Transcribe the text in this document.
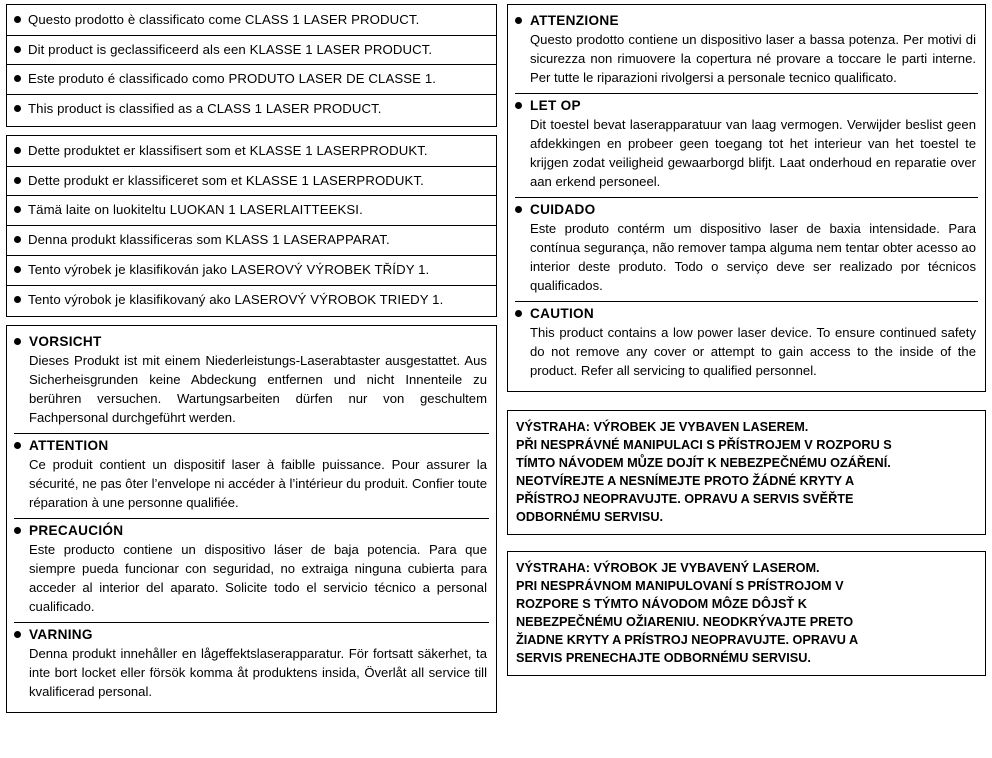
Questo prodotto è classificato come CLASS 1 LASER PRODUCT.
Dit product is geclassificeerd als een KLASSE 1 LASER PRODUCT.
Este produto é classificado como PRODUTO LASER DE CLASSE 1.
This product is classified as a CLASS 1 LASER PRODUCT.
Dette produktet er klassifisert som et KLASSE 1 LASERPRODUKT.
Dette produkt er klassificeret som et KLASSE 1 LASERPRODUKT.
Tämä laite on luokiteltu LUOKAN 1 LASERLAITTEEKSI.
Denna produkt klassificeras som KLASS 1 LASERAPPARAT.
Tento výrobek je klasifikován jako LASEROVÝ VÝROBEK TŘÍDY 1.
Tento výrobok je klasifikovaný ako LASEROVÝ VÝROBOK TRIEDY 1.
VORSICHT
Dieses Produkt ist mit einem Niederleistungs-Laserabtaster ausgestattet. Aus Sicherheisgrunden keine Abdeckung entfernen und nicht Innenteile zu berühren versuchen. Wartungsarbeiten dürfen nur von geschultem Fachpersonal durchgeführt werden.
ATTENTION
Ce produit contient un dispositif laser à faiblle puissance. Pour assurer la sécurité, ne pas ôter l’envelope ni accéder à l’intérieur du produit. Confier toute réparation à une personne qualifiée.
PRECAUCIÓN
Este producto contiene un dispositivo láser de baja potencia. Para que siempre pueda funcionar con seguridad, no extraiga ninguna cubierta para acceder al interior del aparato. Solicite todo el servicio técnico a personal cualificado.
VARNING
Denna produkt innehåller en lågeffektslaserapparatur. För fortsatt säkerhet, ta inte bort locket eller försök komma åt produktens insida, Överlåt all service till kvalificerad personal.
ATTENZIONE
Questo prodotto contiene un dispositivo laser a bassa potenza. Per motivi di sicurezza non rimuovere la copertura né provare a toccare le parti interne. Per tutte le riparazioni rivolgersi a personale tecnico qualificato.
LET OP
Dit toestel bevat laserapparatuur van laag vermogen. Verwijder beslist geen afdekkingen en probeer geen toegang tot het interieur van het toestel te krijgen zodat veiligheid gewaarborgd blifjt. Laat onderhoud en reparatie over aan erkend personeel.
CUIDADO
Este produto contérm um dispositivo laser de baxia intensidade. Para contínua segurança, não remover tampa alguma nem tentar obter acesso ao interior deste produto. Todo o serviço deve ser realizado por técnicos qualificados.
CAUTION
This product contains a low power laser device. To ensure continued safety do not remove any cover or attempt to gain access to the inside of the product. Refer all servicing to qualified personnel.
VÝSTRAHA: VÝROBEK JE VYBAVEN LASEREM.
PŘI NESPRÁVNÉ MANIPULACI S PŘÍSTROJEM V ROZPORU S
TÍMTO NÁVODEM MŮZE DOJÍT K NEBEZPEČNÉMU OZÁŘENÍ.
NEOTVÍREJTE A NESNÍMEJTE PROTO ŽÁDNÉ KRYTY A
PŘÍSTROJ NEOPRAVUJTE. OPRAVU A SERVIS SVĚŘTE
ODBORNÉMU SERVISU.
VÝSTRAHA: VÝROBOK JE VYBAVENÝ LASEROM.
PRI NESPRÁVNOM MANIPULOVANÍ S PRÍSTROJOM V
ROZPORE S TÝMTO NÁVODOM MÔZE DÔJSŤ K
NEBEZPEČNÉMU OŽIARENIU. NEODKRÝVAJTE PRETO
ŽIADNE KRYTY A PRÍSTROJ NEOPRAVUJTE. OPRAVU A
SERVIS PRENECHAJTE ODBORNÉMU SERVISU.
